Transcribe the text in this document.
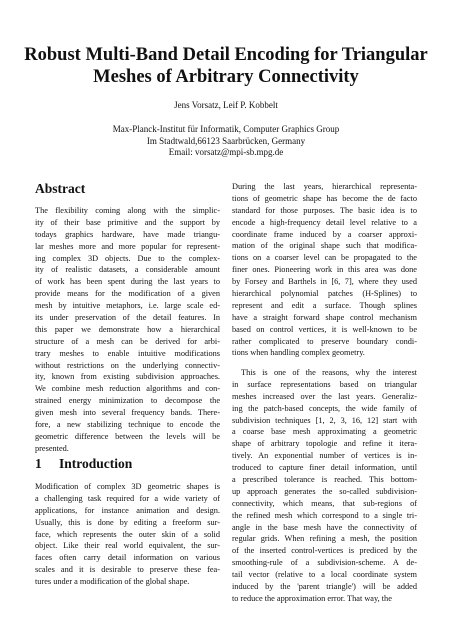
Robust Multi-Band Detail Encoding for Triangular
Meshes of Arbitrary Connectivity
Jens Vorsatz, Leif P. Kobbelt
Max-Planck-Institut für Informatik, Computer Graphics Group
Im Stadtwald,66123 Saarbrücken, Germany
Email: vorsatz@mpi-sb.mpg.de
Abstract
The flexibility coming along with the simplic-
ity of their base primitive and the support by
todays graphics hardware, have made triangu-
lar meshes more and more popular for represent-
ing complex 3D objects. Due to the complex-
ity of realistic datasets, a considerable amount
of work has been spent during the last years to
provide means for the modification of a given
mesh by intuitive metaphors, i.e. large scale ed-
its under preservation of the detail features. In
this paper we demonstrate how a hierarchical
structure of a mesh can be derived for arbi-
trary meshes to enable intuitive modifications
without restrictions on the underlying connectiv-
ity, known from existing subdivision approaches.
We combine mesh reduction algorithms and con-
strained energy minimization to decompose the
given mesh into several frequency bands. There-
fore, a new stabilizing technique to encode the
geometric difference between the levels will be
presented.
1 Introduction
Modification of complex 3D geometric shapes is
a challenging task required for a wide variety of
applications, for instance animation and design.
Usually, this is done by editing a freeform sur-
face, which represents the outer skin of a solid
object. Like their real world equivalent, the sur-
faces often carry detail information on various
scales and it is desirable to preserve these fea-
tures under a modification of the global shape.
During the last years, hierarchical representa-
tions of geometric shape has become the de facto
standard for those purposes. The basic idea is to
encode a high-frequency detail level relative to a
coordinate frame induced by a coarser approxi-
mation of the original shape such that modifica-
tions on a coarser level can be propagated to the
finer ones. Pioneering work in this area was done
by Forsey and Barthels in [6, 7], where they used
hierarchical polynomial patches (H-Splines) to
represent and edit a surface. Though splines
have a straight forward shape control mechanism
based on control vertices, it is well-known to be
rather complicated to preserve boundary condi-
tions when handling complex geometry.
This is one of the reasons, why the interest
in surface representations based on triangular
meshes increased over the last years. Generaliz-
ing the patch-based concepts, the wide family of
subdivision techniques [1, 2, 3, 16, 12] start with
a coarse base mesh approximating a geometric
shape of arbitrary topologie and refine it itera-
tively. An exponential number of vertices is in-
troduced to capture finer detail information, until
a prescribed tolerance is reached. This bottom-
up approach generates the so-called subdivision-
connectivity, which means, that sub-regions of
the refined mesh which correspond to a single tri-
angle in the base mesh have the connectivity of
regular grids. When refining a mesh, the position
of the inserted control-vertices is prediced by the
smoothing-rule of a subdivision-scheme. A de-
tail vector (relative to a local coordinate system
induced by the 'parent triangle') will be added
to reduce the approximation error. That way, the
